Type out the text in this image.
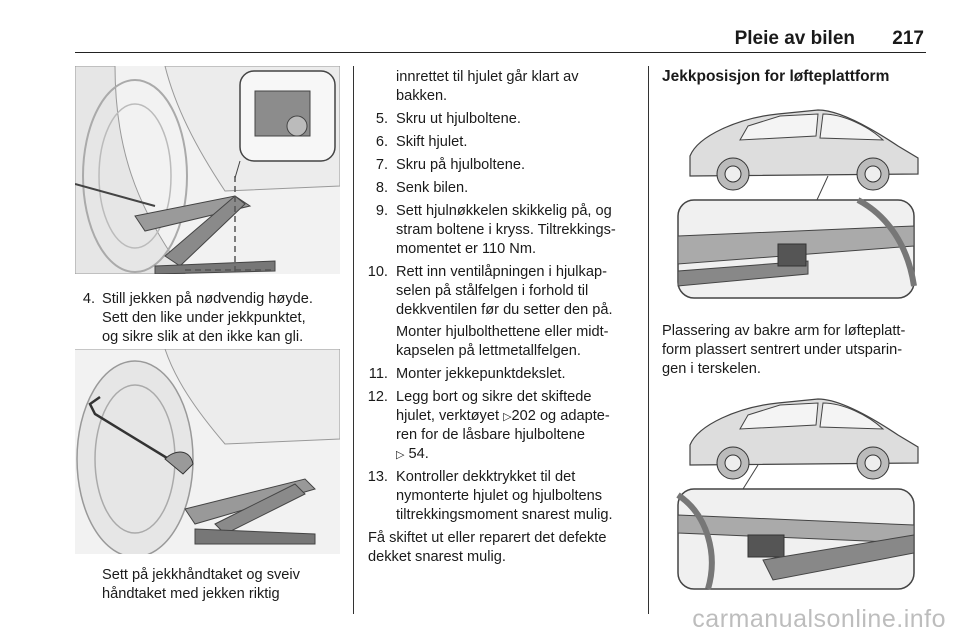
Pleie av bilen 217
4. Still jekken på nødvendig høyde.
Sett den like under jekkpunktet,
og sikre slik at den ikke kan gli.
Sett på jekkhåndtaket og sveiv
håndtaket med jekken riktig
innrettet til hjulet går klart av
bakken.
5. Skru ut hjulboltene.
6. Skift hjulet.
7. Skru på hjulboltene.
8. Senk bilen.
9. Sett hjulnøkkelen skikkelig på, og
stram boltene i kryss. Tiltrekkings-
momentet er 110 Nm.
10. Rett inn ventilåpningen i hjulkap-
selen på stålfelgen i forhold til
dekkventilen før du setter den på.
Monter hjulbolthettene eller midt-
kapselen på lettmetallfelgen.
11. Monter jekkepunktdekslet.
12. Legg bort og sikre det skiftede
hjulet, verktøyet ▷202 og adapte-
ren for de låsbare hjulboltene
▷ 54.
13. Kontroller dekktrykket til det
nymonterte hjulet og hjulboltens
tiltrekkingsmoment snarest mulig.
Få skiftet ut eller reparert det defekte
dekket snarest mulig.
Jekkposisjon for løfteplattform
Plassering av bakre arm for løfteplatt-
form plassert sentrert under utsparin-
gen i terskelen.
carmanualsonline.info
